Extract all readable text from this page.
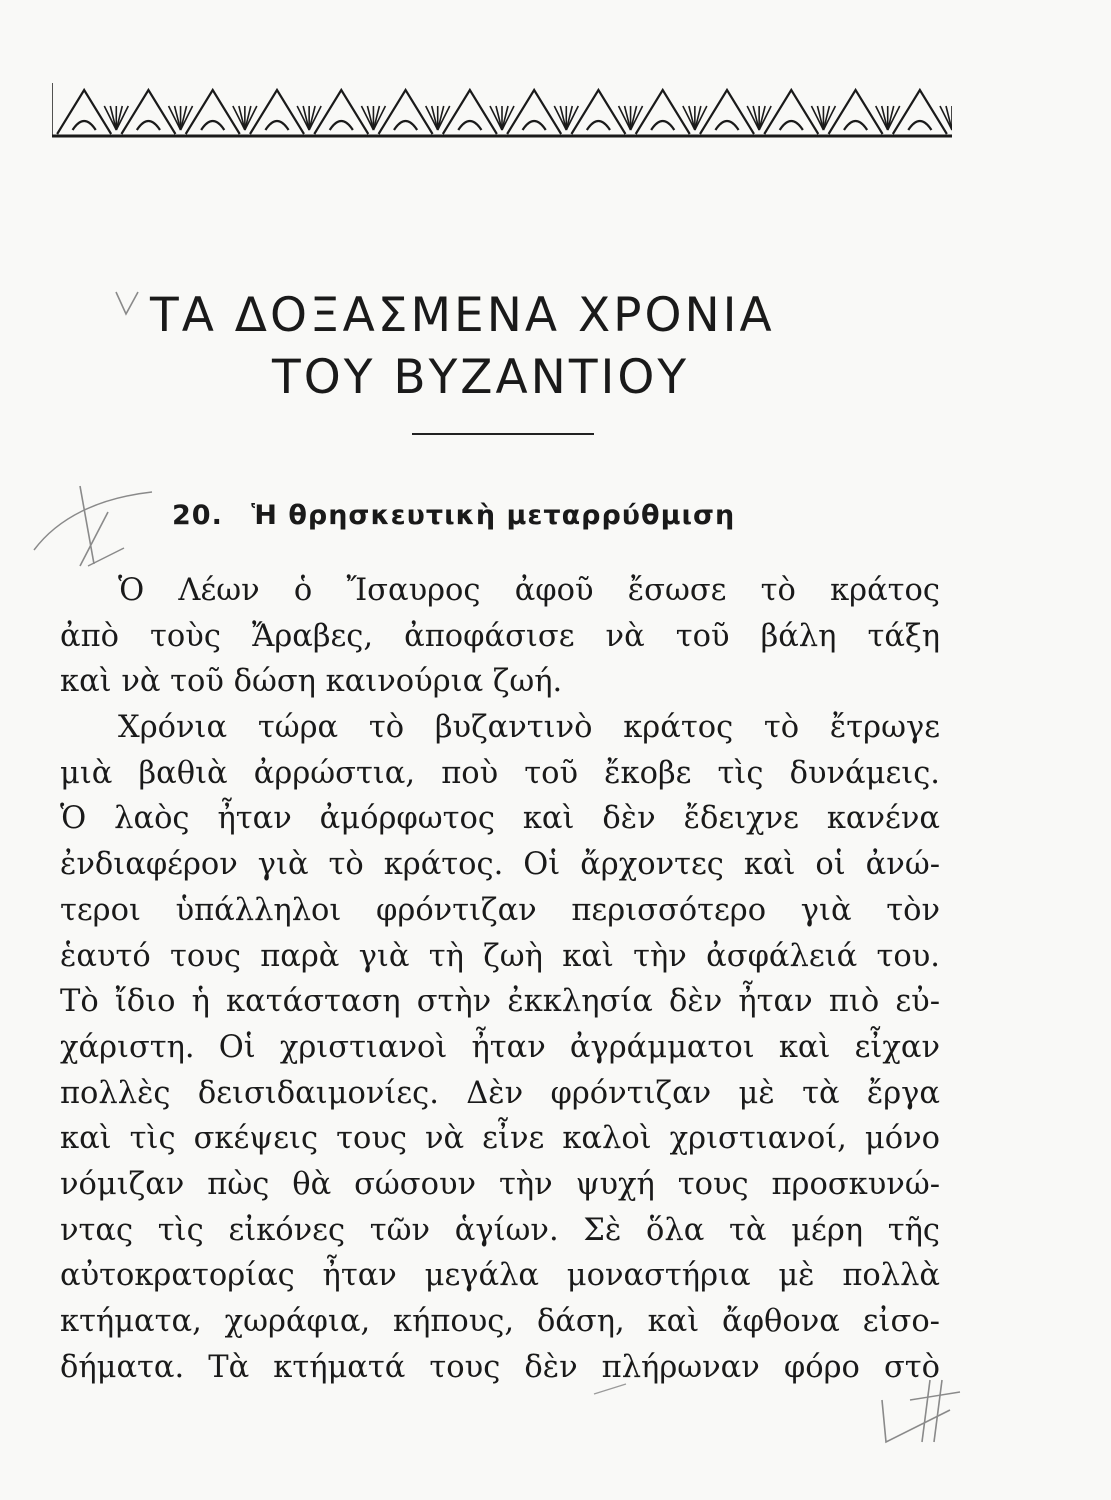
ΤΑ ΔΟΞΑΣΜΕΝΑ ΧΡΟΝΙΑ
ΤΟΥ ΒΥΖΑΝΤΙΟΥ
20. Ἡ θρησκευτικὴ μεταρρύθμιση
Ὁ Λέων ὁ Ἴσαυρος ἀφοῦ ἔσωσε τὸ κράτος
ἀπὸ τοὺς Ἄραβες, ἀποφάσισε νὰ τοῦ βάλη τάξη
καὶ νὰ τοῦ δώση καινούρια ζωή.
Χρόνια τώρα τὸ βυζαντινὸ κράτος τὸ ἔτρωγε
μιὰ βαθιὰ ἀρρώστια, ποὺ τοῦ ἔκοβε τὶς δυνάμεις.
Ὁ λαὸς ἦταν ἀμόρφωτος καὶ δὲν ἔδειχνε κανένα
ἐνδιαφέρον γιὰ τὸ κράτος. Οἱ ἄρχοντες καὶ οἱ ἀνώ-
τεροι ὑπάλληλοι φρόντιζαν περισσότερο γιὰ τὸν
ἑαυτό τους παρὰ γιὰ τὴ ζωὴ καὶ τὴν ἀσφάλειά του.
Τὸ ἴδιο ἡ κατάσταση στὴν ἐκκλησία δὲν ἦταν πιὸ εὐ-
χάριστη. Οἱ χριστιανοὶ ἦταν ἀγράμματοι καὶ εἶχαν
πολλὲς δεισιδαιμονίες. Δὲν φρόντιζαν μὲ τὰ ἔργα
καὶ τὶς σκέψεις τους νὰ εἶνε καλοὶ χριστιανοί, μόνο
νόμιζαν πὼς θὰ σώσουν τὴν ψυχή τους προσκυνώ-
ντας τὶς εἰκόνες τῶν ἁγίων. Σὲ ὅλα τὰ μέρη τῆς
αὐτοκρατορίας ἦταν μεγάλα μοναστήρια μὲ πολλὰ
κτήματα, χωράφια, κήπους, δάση, καὶ ἄφθονα εἰσο-
δήματα. Τὰ κτήματά τους δὲν πλήρωναν φόρο στὸ
